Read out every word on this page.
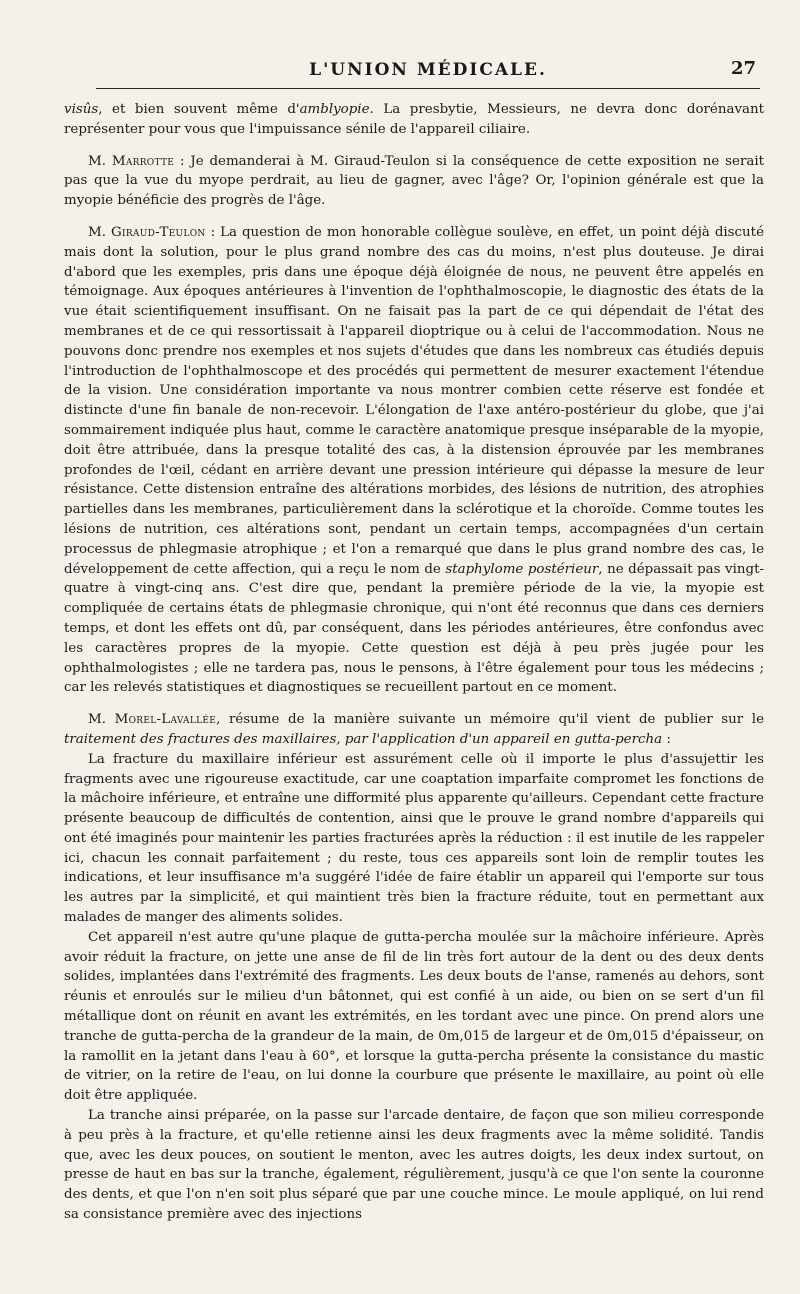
L'UNION MÉDICALE.	27

visûs, et bien souvent même d'amblyopie. La presbytie, Messieurs, ne devra donc dorénavant représenter pour vous que l'impuissance sénile de l'appareil ciliaire.

M. Marrotte : Je demanderai à M. Giraud-Teulon si la conséquence de cette exposition ne serait pas que la vue du myope perdrait, au lieu de gagner, avec l'âge? Or, l'opinion générale est que la myopie bénéficie des progrès de l'âge.

M. Giraud-Teulon : La question de mon honorable collègue soulève, en effet, un point déjà discuté mais dont la solution, pour le plus grand nombre des cas du moins, n'est plus douteuse. Je dirai d'abord que les exemples, pris dans une époque déjà éloignée de nous, ne peuvent être appelés en témoignage. Aux époques antérieures à l'invention de l'ophthalmoscopie, le diagnostic des états de la vue était scientifiquement insuffisant. On ne faisait pas la part de ce qui dépendait de l'état des membranes et de ce qui ressortissait à l'appareil dioptrique ou à celui de l'accommodation. Nous ne pouvons donc prendre nos exemples et nos sujets d'études que dans les nombreux cas étudiés depuis l'introduction de l'ophthalmoscope et des procédés qui permettent de mesurer exactement l'étendue de la vision. Une considération importante va nous montrer combien cette réserve est fondée et distincte d'une fin banale de non-recevoir. L'élongation de l'axe antéro-postérieur du globe, que j'ai sommairement indiquée plus haut, comme le caractère anatomique presque inséparable de la myopie, doit être attribuée, dans la presque totalité des cas, à la distension éprouvée par les membranes profondes de l'œil, cédant en arrière devant une pression intérieure qui dépasse la mesure de leur résistance. Cette distension entraîne des altérations morbides, des lésions de nutrition, des atrophies partielles dans les membranes, particulièrement dans la sclérotique et la choroïde. Comme toutes les lésions de nutrition, ces altérations sont, pendant un certain temps, accompagnées d'un certain processus de phlegmasie atrophique ; et l'on a remarqué que dans le plus grand nombre des cas, le développement de cette affection, qui a reçu le nom de staphylome postérieur, ne dépassait pas vingt-quatre à vingt-cinq ans. C'est dire que, pendant la première période de la vie, la myopie est compliquée de certains états de phlegmasie chronique, qui n'ont été reconnus que dans ces derniers temps, et dont les effets ont dû, par conséquent, dans les périodes antérieures, être confondus avec les caractères propres de la myopie. Cette question est déjà à peu près jugée pour les ophthalmologistes ; elle ne tardera pas, nous le pensons, à l'être également pour tous les médecins ; car les relevés statistiques et diagnostiques se recueillent partout en ce moment.

M. Morel-Lavallée, résume de la manière suivante un mémoire qu'il vient de publier sur le traitement des fractures des maxillaires, par l'application d'un appareil en gutta-percha :

La fracture du maxillaire inférieur est assurément celle où il importe le plus d'assujettir les fragments avec une rigoureuse exactitude, car une coaptation imparfaite compromet les fonctions de la mâchoire inférieure, et entraîne une difformité plus apparente qu'ailleurs. Cependant cette fracture présente beaucoup de difficultés de contention, ainsi que le prouve le grand nombre d'appareils qui ont été imaginés pour maintenir les parties fracturées après la réduction : il est inutile de les rappeler ici, chacun les connait parfaitement ; du reste, tous ces appareils sont loin de remplir toutes les indications, et leur insuffisance m'a suggéré l'idée de faire établir un appareil qui l'emporte sur tous les autres par la simplicité, et qui maintient très bien la fracture réduite, tout en permettant aux malades de manger des aliments solides.

Cet appareil n'est autre qu'une plaque de gutta-percha moulée sur la mâchoire inférieure. Après avoir réduit la fracture, on jette une anse de fil de lin très fort autour de la dent ou des deux dents solides, implantées dans l'extrémité des fragments. Les deux bouts de l'anse, ramenés au dehors, sont réunis et enroulés sur le milieu d'un bâtonnet, qui est confié à un aide, ou bien on se sert d'un fil métallique dont on réunit en avant les extrémités, en les tordant avec une pince. On prend alors une tranche de gutta-percha de la grandeur de la main, de 0m,015 de largeur et de 0m,015 d'épaisseur, on la ramollit en la jetant dans l'eau à 60°, et lorsque la gutta-percha présente la consistance du mastic de vitrier, on la retire de l'eau, on lui donne la courbure que présente le maxillaire, au point où elle doit être appliquée.

La tranche ainsi préparée, on la passe sur l'arcade dentaire, de façon que son milieu corresponde à peu près à la fracture, et qu'elle retienne ainsi les deux fragments avec la même solidité. Tandis que, avec les deux pouces, on soutient le menton, avec les autres doigts, les deux index surtout, on presse de haut en bas sur la tranche, également, régulièrement, jusqu'à ce que l'on sente la couronne des dents, et que l'on n'en soit plus séparé que par une couche mince. Le moule appliqué, on lui rend sa consistance première avec des injections
